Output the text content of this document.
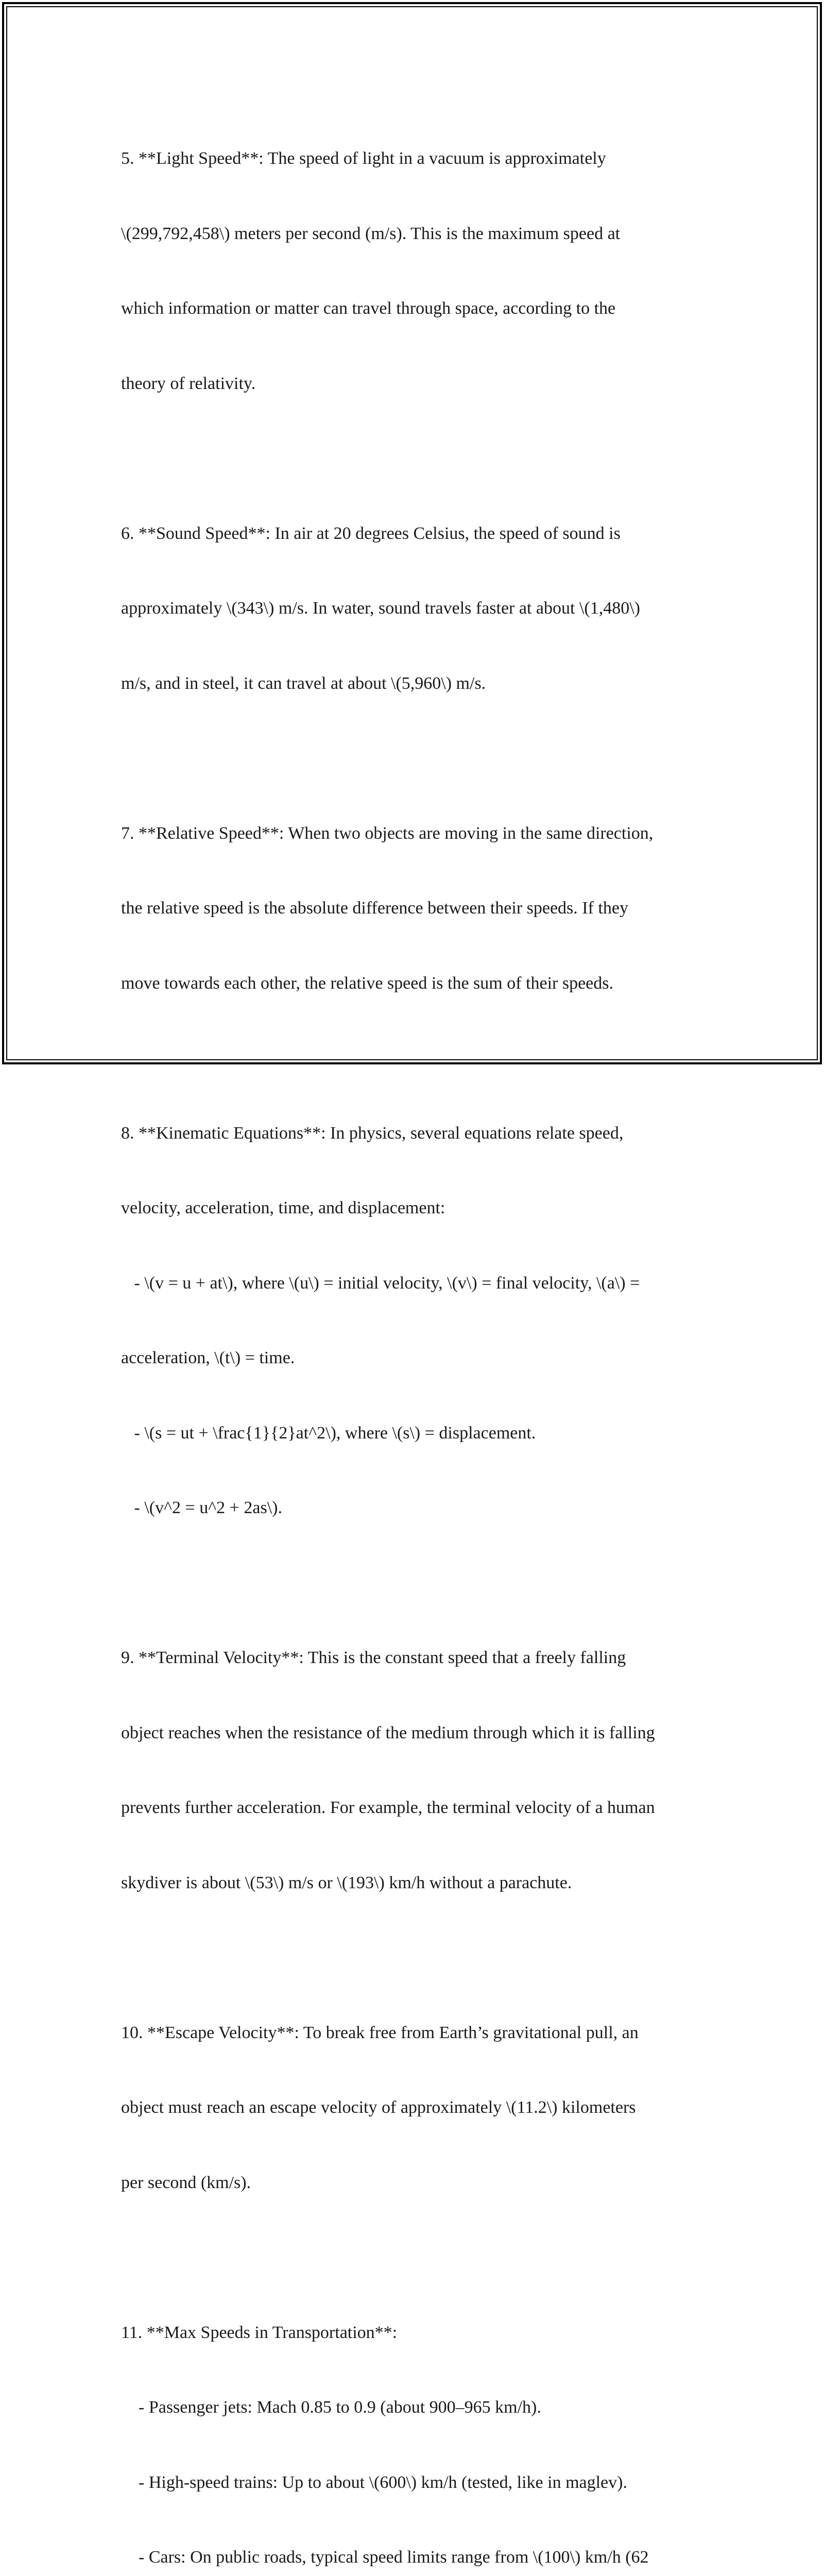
5. **Light Speed**: The speed of light in a vacuum is approximately

\(299,792,458\) meters per second (m/s). This is the maximum speed at

which information or matter can travel through space, according to the

theory of relativity.

6. **Sound Speed**: In air at 20 degrees Celsius, the speed of sound is

approximately \(343\) m/s. In water, sound travels faster at about \(1,480\)

m/s, and in steel, it can travel at about \(5,960\) m/s.

7. **Relative Speed**: When two objects are moving in the same direction,

the relative speed is the absolute difference between their speeds. If they

move towards each other, the relative speed is the sum of their speeds.

8. **Kinematic Equations**: In physics, several equations relate speed,

velocity, acceleration, time, and displacement:

- \(v = u + at\), where \(u\) = initial velocity, \(v\) = final velocity, \(a\) =

acceleration, \(t\) = time.

- \(s = ut + \frac{1}{2}at^2\), where \(s\) = displacement.

- \(v^2 = u^2 + 2as\).

9. **Terminal Velocity**: This is the constant speed that a freely falling

object reaches when the resistance of the medium through which it is falling

prevents further acceleration. For example, the terminal velocity of a human

skydiver is about \(53\) m/s or \(193\) km/h without a parachute.

10. **Escape Velocity**: To break free from Earth’s gravitational pull, an

object must reach an escape velocity of approximately \(11.2\) kilometers

per second (km/s).

11. **Max Speeds in Transportation**:

- Passenger jets: Mach 0.85 to 0.9 (about 900–965 km/h).

- High-speed trains: Up to about \(600\) km/h (tested, like in maglev).

- Cars: On public roads, typical speed limits range from \(100\) km/h (62
